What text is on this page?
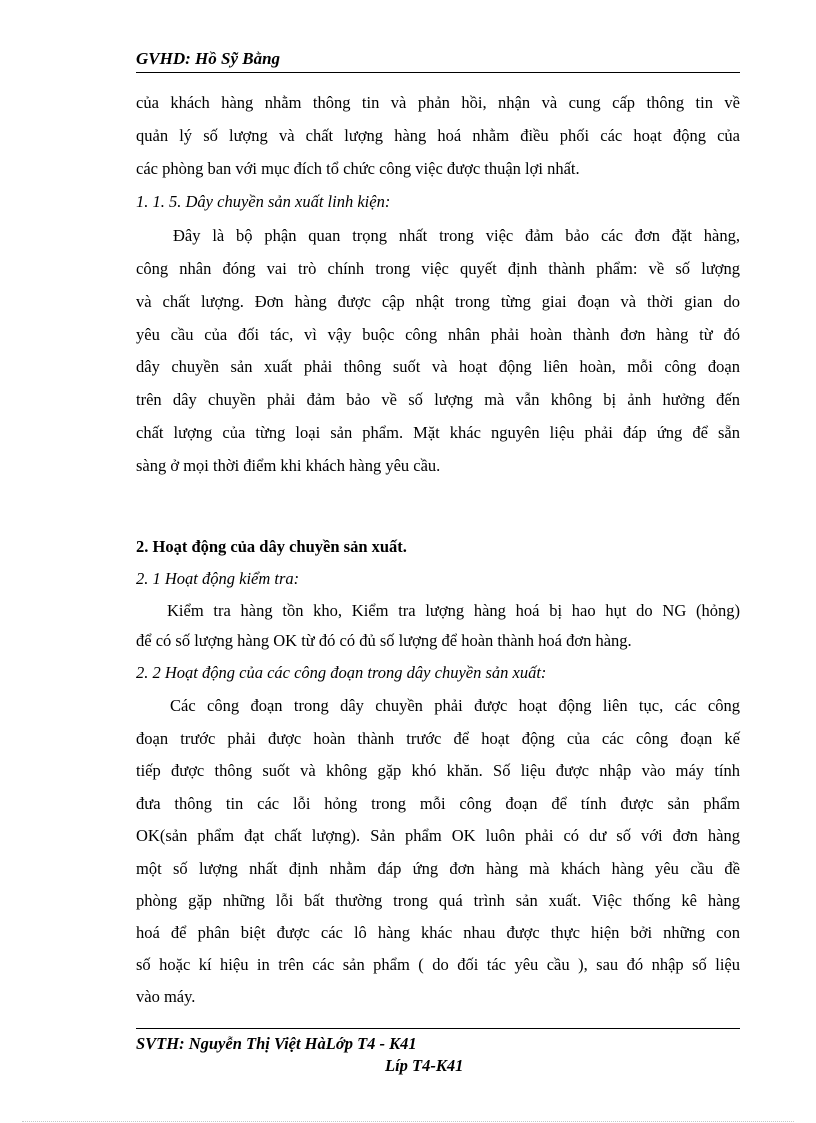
GVHD: Hồ Sỹ Bằng
của khách hàng nhằm thông tin và phản hồi, nhận và cung cấp thông tin về
quản lý số lượng và chất lượng hàng hoá nhằm điều phối các hoạt động của
các phòng ban với mục đích tổ chức công việc được thuận lợi nhất.
1. 1. 5. Dây chuyền sản xuất linh kiện:
Đây là bộ phận quan trọng nhất trong việc đảm bảo các đơn đặt hàng,
công nhân đóng vai trò chính trong việc quyết định thành phẩm: về số lượng
và chất lượng. Đơn hàng được cập nhật trong từng giai đoạn và thời gian do
yêu cầu của đối tác, vì vậy buộc công nhân phải hoàn thành đơn hàng từ đó
dây chuyền sản xuất phải thông suốt và hoạt động liên hoàn, mỗi công đoạn
trên dây chuyền phải đảm bảo về số lượng mà vẫn không bị ảnh hưởng đến
chất lượng của từng loại sản phẩm. Mặt khác nguyên liệu phải đáp ứng để sẵn
sàng ở mọi thời điểm khi khách hàng yêu cầu.
2. Hoạt động của dây chuyền sản xuất.
2. 1 Hoạt động kiểm tra:
Kiểm tra hàng tồn kho, Kiểm tra lượng hàng hoá bị hao hụt do NG (hỏng)
để có số lượng hàng OK từ đó có đủ số lượng để hoàn thành hoá đơn hàng.
2. 2 Hoạt động của các công đoạn trong dây chuyền sản xuất:
Các công đoạn trong dây chuyền phải được hoạt động liên tục, các công
đoạn trước phải được hoàn thành trước để hoạt động của các công đoạn kế
tiếp được thông suốt và không gặp khó khăn. Số liệu được nhập vào máy tính
đưa thông tin các lỗi hỏng trong mỗi công đoạn để tính được sản phẩm
OK(sản phẩm đạt chất lượng). Sản phẩm OK luôn phải có dư số với đơn hàng
một số lượng nhất định nhằm đáp ứng đơn hàng mà khách hàng yêu cầu đề
phòng gặp những lỗi bất thường trong quá trình sản xuất. Việc thống kê hàng
hoá để phân biệt được các lô hàng khác nhau được thực hiện bởi những con
số hoặc kí hiệu in trên các sản phẩm ( do đối tác yêu cầu ), sau đó nhập số liệu
vào máy.
SVTH: Nguyễn Thị Việt HàLớp T4 - K41
Líp T4-K41
